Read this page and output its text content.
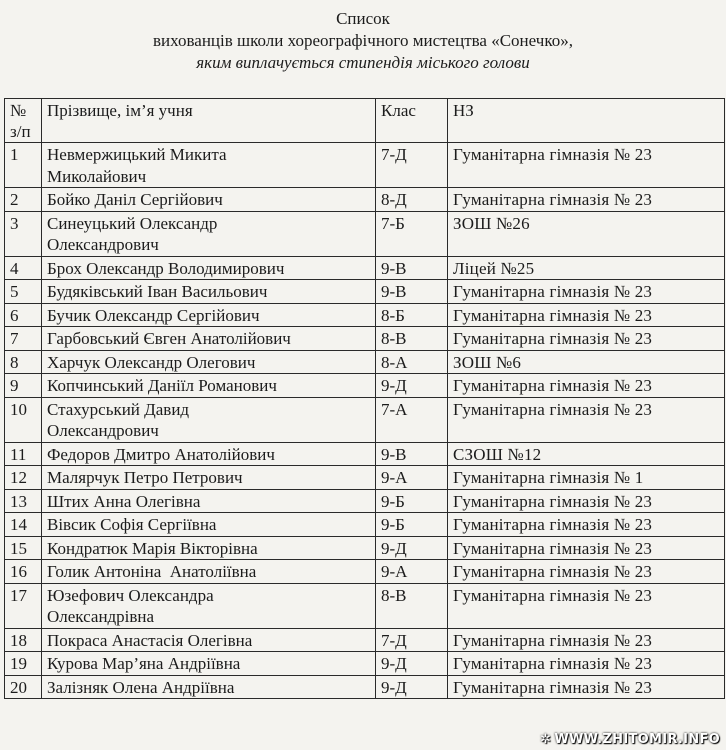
Список
вихованців школи хореографічного мистецтва «Сонечко»,
яким виплачується стипендія міського голови
№
з/п	Прізвище, ім’я учня	Клас	НЗ
1	Невмержицький Микита
Миколайович	7-Д	Гуманітарна гімназія № 23
2	Бойко Даніл Сергійович	8-Д	Гуманітарна гімназія № 23
3	Синеуцький Олександр
Олександрович	7-Б	ЗОШ №26
4	Брох Олександр Володимирович	9-В	Ліцей №25
5	Будяківський Іван Васильович	9-В	Гуманітарна гімназія № 23
6	Бучик Олександр Сергійович	8-Б	Гуманітарна гімназія № 23
7	Гарбовський Євген Анатолійович	8-В	Гуманітарна гімназія № 23
8	Харчук Олександр Олегович	8-А	ЗОШ №6
9	Копчинський Даніїл Романович	9-Д	Гуманітарна гімназія № 23
10	Стахурський Давид
Олександрович	7-А	Гуманітарна гімназія № 23
11	Федоров Дмитро Анатолійович	9-В	СЗОШ №12
12	Малярчук Петро Петрович	9-А	Гуманітарна гімназія № 1
13	Штих Анна Олегівна	9-Б	Гуманітарна гімназія № 23
14	Вівсик Софія Сергіївна	9-Б	Гуманітарна гімназія № 23
15	Кондратюк Марія Вікторівна	9-Д	Гуманітарна гімназія № 23
16	Голик Антоніна  Анатоліївна	9-А	Гуманітарна гімназія № 23
17	Юзефович Олександра
Олександрівна	8-В	Гуманітарна гімназія № 23
18	Покраса Анастасія Олегівна	7-Д	Гуманітарна гімназія № 23
19	Курова Мар’яна Андріївна	9-Д	Гуманітарна гімназія № 23
20	Залізняк Олена Андріївна	9-Д	Гуманітарна гімназія № 23
✲ WWW.ZHITOMIR.INFO
